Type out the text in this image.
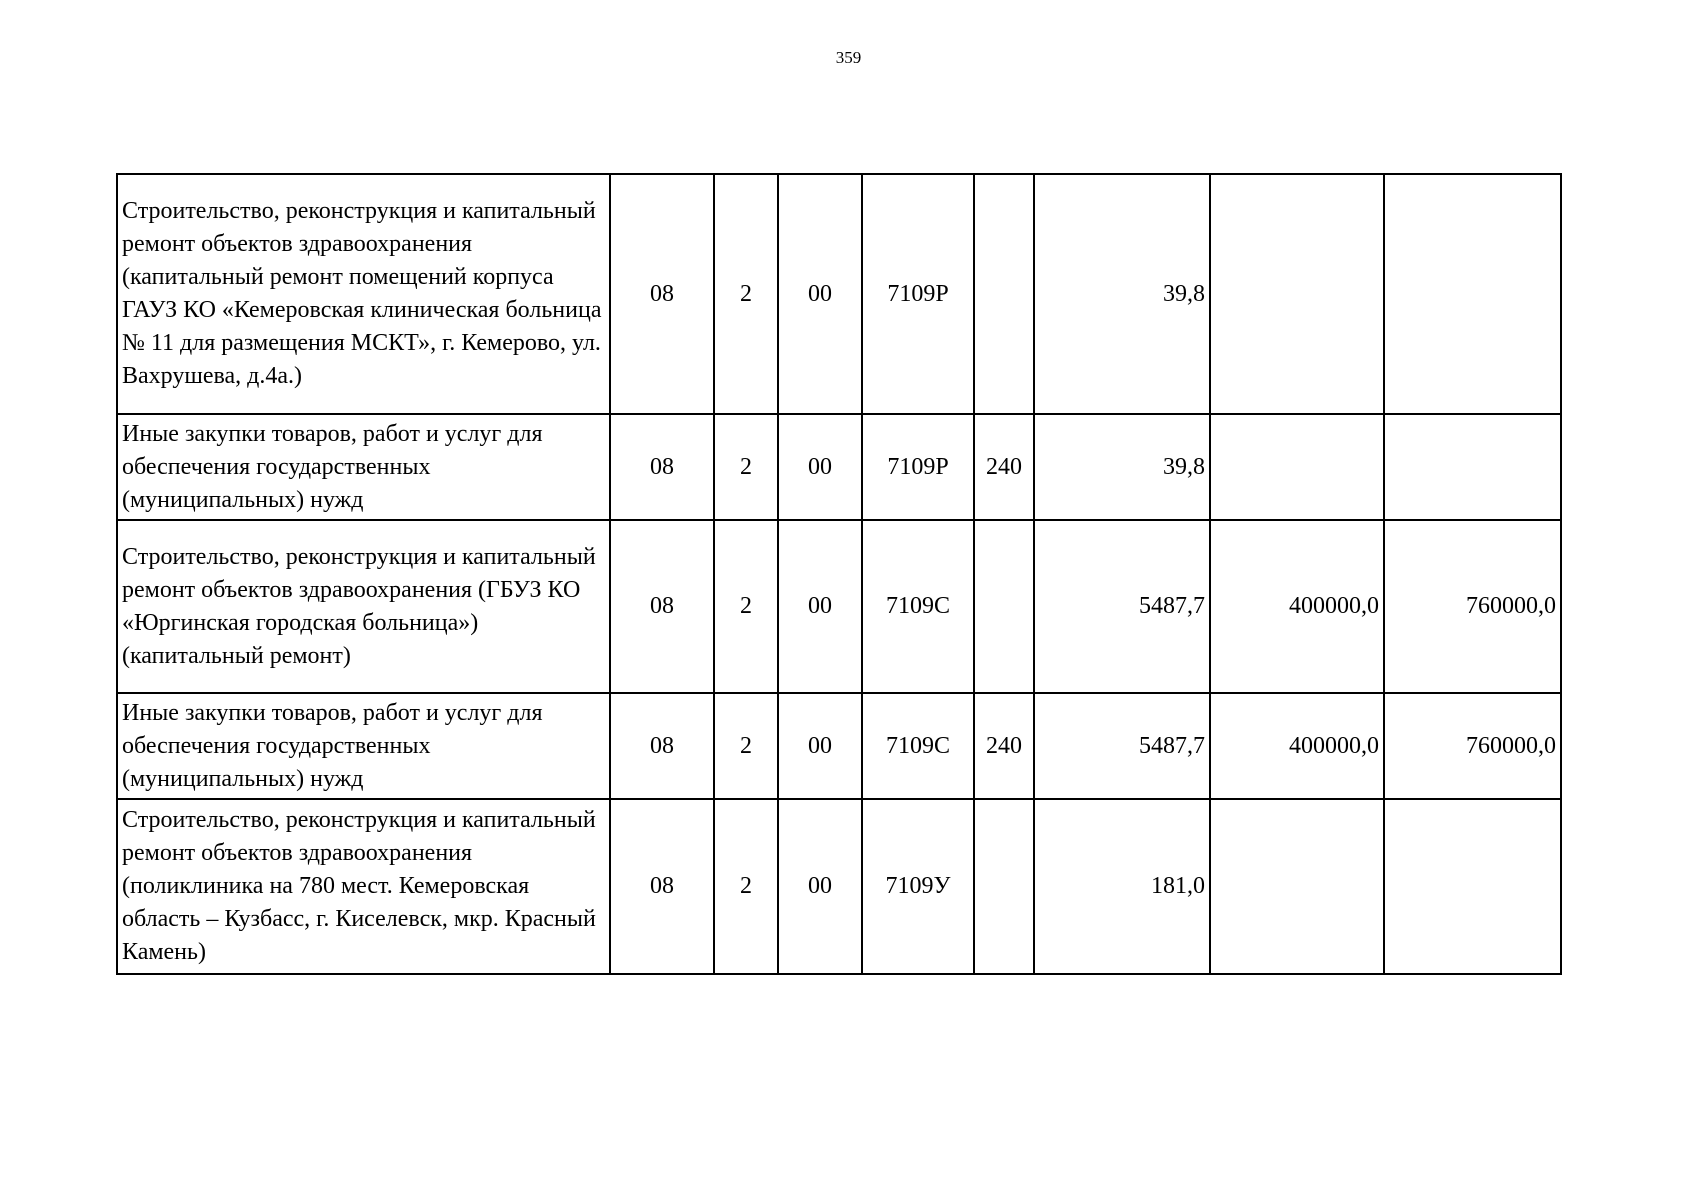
359
Строительство, реконструкция и капитальный ремонт объектов здравоохранения (капитальный ремонт помещений корпуса ГАУЗ КО «Кемеровская клиническая больница № 11 для размещения МСКТ», г. Кемерово, ул. Вахрушева, д.4а.)	08	2	00	7109Р		39,8		
Иные закупки товаров, работ и услуг для обеспечения государственных (муниципальных) нужд	08	2	00	7109Р	240	39,8		
Строительство, реконструкция и капитальный ремонт объектов здравоохранения (ГБУЗ КО «Юргинская городская больница») (капитальный ремонт)	08	2	00	7109С		5487,7	400000,0	760000,0
Иные закупки товаров, работ и услуг для обеспечения государственных (муниципальных) нужд	08	2	00	7109С	240	5487,7	400000,0	760000,0
Строительство, реконструкция и капитальный ремонт объектов здравоохранения (поликлиника на 780 мест. Кемеровская область – Кузбасс, г. Киселевск, мкр. Красный Камень)	08	2	00	7109У		181,0		
